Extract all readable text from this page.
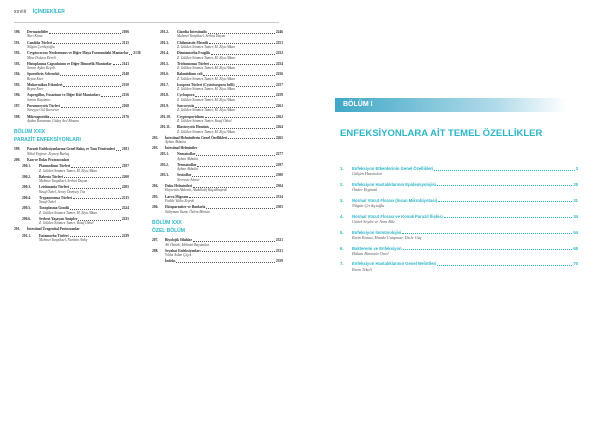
xxviii İÇİNDEKİLER
190.	Dermatofitler	2106
Nuri Kiraz
191.	Candida Türleri	2115
Nilgün Çerikçioğlu
192.	Cryptococcus Neoformans ve Diğer Maya Formundaki Mantarlar 2130
Mine Doluca Dereli
193.	Histoplasma Capsulatum ve Diğer Dimorfik Mantarlar	2141
Semra Aşkın Keçeli
194.	Sporothrix Schenckii	2148
Beyza Ener
195.	Mukormikoz Etkenleri	2150
Beyza Ener
196.	Aspergillus, Fusarium ve Diğer Küf Mantarları	2156
Semra Kuştimur
197.	Pneumocystis Türleri	2168
Süreyya Gül Yurtsever
198.	Mikrosporidia	2176
Aydan Karaman, Gülay Arıl Aksuna
BÖLÜM XXIX
PARAZİT ENFEKSİYONLARI
199.	Parazit Enfeksiyonlarına Genel Bakış ve Tanı Yöntemleri 2181
Nihal Erginer, Zeynep Barlaş
200.	Kan ve Doku Protozoonları
200.1.	Plasmodium Türleri	2187
Z. Gülden Sönmez Tamer, M. Ziya Alkan
200.2.	Babesia Türleri	2200
Mehmet Tanyüksel, Serhat Dayan
200.3.	Leishmania Türleri	2205
Yusuf Özbel, Seray Özensoy Töz
200.4.	Trypanosoma Türleri	2215
Yusuf Özbel
200.5.	Toxoplasma Gondii	2224
Z. Gülden Sönmez Tamer, M. Ziya Alkan
200.6.	Serbest Yaşayan Amipler	2235
Z. Gülden Sönmez Tamer, Yusuf Özbel
201.	İntestinal Ürogenital Protozoonlar
201.1.	Entamoeba Türleri	2239
Mehmet Tanyüksel, Nurittin Ardıç
201.2.	Giardia İntestinalis	2246
Mehmet Tanyüksel, Serhat Dayan
201.3.	Chilomastix Mesnili	2251
Z. Gülden Sönmez Tamer, M. Ziya Alkan
201.4.	Dientamoeba Fragilis	2252
Z. Gülden Sönmez Tamer, M. Ziya Alkan
201.5.	Trichomonas Türleri	2254
Z. Gülden Sönmez Tamer, M. Ziya Alkan
201.6.	Balantidium coli	2256
Z. Gülden Sönmez Tamer, M. Ziya Alkan
201.7.	Isospora Türleri (Cystoisospora belli)	2257
Z. Gülden Sönmez Tamer, M. Ziya Alkan
201.8.	Cyclospora	2259
Z. Gülden Sönmez Tamer, M. Ziya Alkan
201.9.	Sarcocystis	2261
Z. Gülden Sönmez Tamer, M. Ziya Alkan
201.10.	Cryptosporidium	2262
Z. Gülden Sönmez Tamer, Yusuf Özbel
201.11.	Blastocystis Hominis	2264
Z. Gülden Sönmez Tamer, M. Ziya Alkan
202.	İntestinal Helmintlerin Genel Özellikleri	2265
Ayhan Akbulut
203.	İntestinal Helmintler
203.1.	Nematodlar	2277
Ayhan Akbulut
203.2.	Trematodlar	2297
Ayhan Akbulut
203.3.	Sestodlar	2300
Nevreste Ahmet
204.	Doku Helmintleri	2304
Hayrettin Akdeniz, Abdullatif Küçükbayrak
205.	Larva Migrans	2334
Fadile Yıldız Zeyrek
206.	Ektoparaziter ve Bunlarla	2305
Süleyman Yazar, Özlem Miman
BÖLÜM XXX
ÖZEL BÖLÜM
207.	Biyolojik Silahlar	2321
Ali Öztürk, Mehmet Bayazıtlar
208.	Seyahat Enfeksiyonları	2331
Yıldız Aslan Çiçek
İndeks	2359
BÖLÜM I
ENFEKSİYONLARA AİT TEMEL ÖZELLİKLER
1.	Enfeksiyon Etkenlerinin Genel Özellikleri	3
Gülşen Hazırolan
2.	Enfeksiyon Hastalıklarının Epidemiyolojisi	25
Önder Ergönül
3.	Normal Vücut Florası (İnsan Mikrobiyotası)	31
Nilgün Çerikçioğlu
4.	Normal Vücut Florası ve Konak Parazit İlişkisi	34
Gönel Söylet ve Arzu Bile
5.	Enfeksiyon İmmünolojisi	54
Emin Kansu, Hande Canpınar, Dicle Güç
6.	Bakteremi ve Enfeksiyon	65
Hakan Bartaria Ortel
7.	Enfeksiyon Hastalıklarının Genel Belirtileri	70
Emin Tekeli
